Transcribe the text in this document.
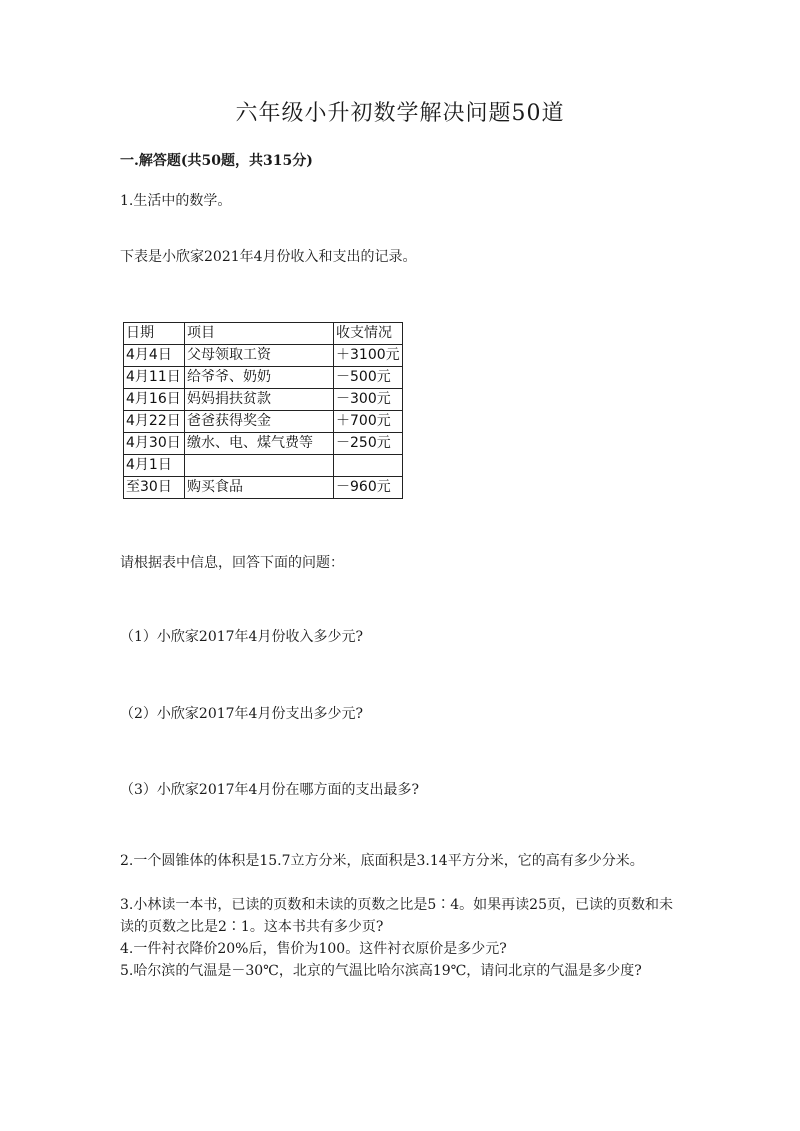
六年级小升初数学解决问题50道
一.解答题(共50题，共315分)
1.生活中的数学。
下表是小欣家2021年4月份收入和支出的记录。
日期	项目	收支情况
4月4日	父母领取工资	＋3100元
4月11日	给爷爷、奶奶	－500元
4月16日	妈妈捐扶贫款	－300元
4月22日	爸爸获得奖金	＋700元
4月30日	缴水、电、煤气费等	－250元
4月1日		
至30日	购买食品	－960元
请根据表中信息，回答下面的问题：
（1）小欣家2017年4月份收入多少元?
（2）小欣家2017年4月份支出多少元?
（3）小欣家2017年4月份在哪方面的支出最多?
2.一个圆锥体的体积是15.7立方分米，底面积是3.14平方分米，它的高有多少分米。
3.小林读一本书，已读的页数和未读的页数之比是5∶4。如果再读25页，已读的页数和未读的页数之比是2∶1。这本书共有多少页?
4.一件衬衣降价20%后，售价为100。这件衬衣原价是多少元?
5.哈尔滨的气温是－30℃，北京的气温比哈尔滨高19℃，请问北京的气温是多少度?
